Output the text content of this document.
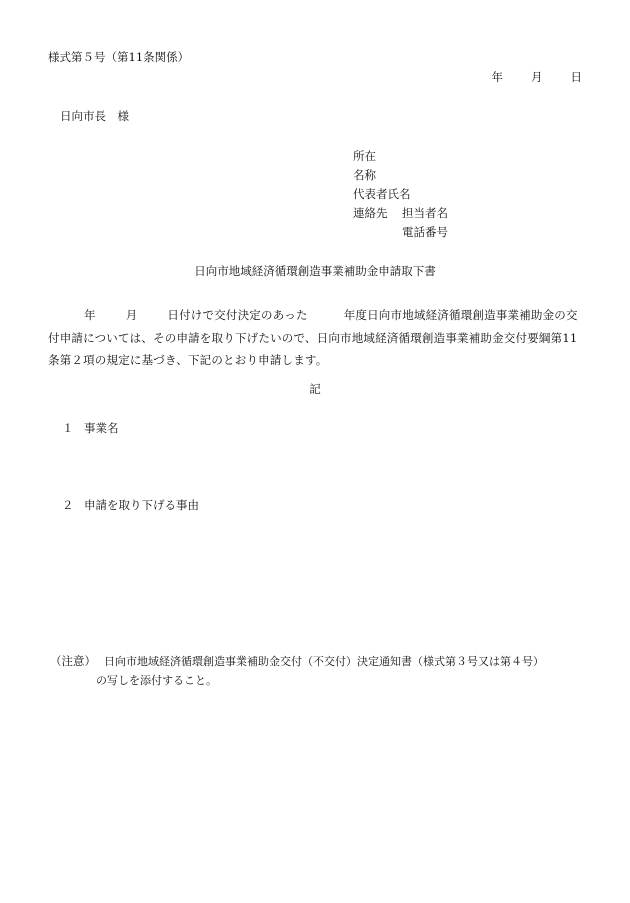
様式第５号（第11条関係）
年 月 日
日向市長　様
所在
名称
代表者氏名
連絡先 担当者名
電話番号
日向市地域経済循環創造事業補助金申請取下書
年	月	日付けで交付決定のあった	年度日向市地域経済循環創造事業補助金の交付申請については、その申請を取り下げたいので、日向市地域経済循環創造事業補助金交付要綱第11条第２項の規定に基づき、下記のとおり申請します。
記
１ 事業名
２ 申請を取り下げる事由
（注意） 日向市地域経済循環創造事業補助金交付（不交付）決定通知書（様式第３号又は第４号）
の写しを添付すること。
